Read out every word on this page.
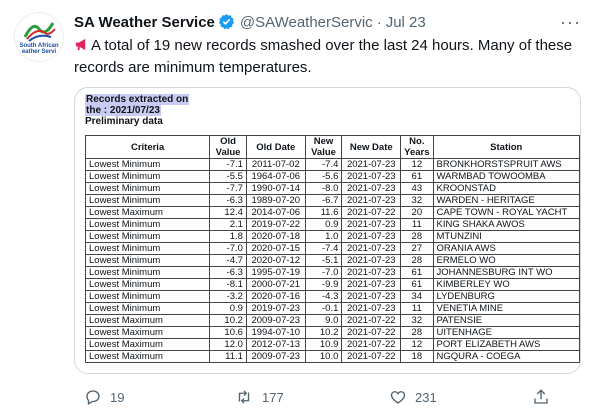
South African
eather Servi
SA Weather Service @SAWeatherServic · Jul 23	···
A total of 19 new records smashed over the last 24 hours. Many of these records are minimum temperatures.
Records extracted on
the : 2021/07/23
Preliminary data
Criteria	Old Value	Old Date	New Value	New Date	No. Years	Station
Lowest Minimum	-7.1	2011-07-02	-7.4	2021-07-23	12	BRONKHORSTSPRUIT AWS
Lowest Minimum	-5.5	1964-07-06	-5.6	2021-07-23	61	WARMBAD TOWOOMBA
Lowest Minimum	-7.7	1990-07-14	-8.0	2021-07-23	43	KROONSTAD
Lowest Minimum	-6.3	1989-07-20	-6.7	2021-07-23	32	WARDEN - HERITAGE
Lowest Maximum	12.4	2014-07-06	11.6	2021-07-22	20	CAPE TOWN - ROYAL YACHT
Lowest Minimum	2.1	2019-07-22	0.9	2021-07-23	11	KING SHAKA AWOS
Lowest Minimum	1.8	2020-07-18	1.0	2021-07-23	28	MTUNZINI
Lowest Minimum	-7.0	2020-07-15	-7.4	2021-07-23	27	ORANIA AWS
Lowest Minimum	-4.7	2020-07-12	-5.1	2021-07-23	28	ERMELO WO
Lowest Minimum	-6.3	1995-07-19	-7.0	2021-07-23	61	JOHANNESBURG INT WO
Lowest Minimum	-8.1	2000-07-21	-9.9	2021-07-23	61	KIMBERLEY WO
Lowest Minimum	-3.2	2020-07-16	-4.3	2021-07-23	34	LYDENBURG
Lowest Minimum	0.9	2019-07-23	-0.1	2021-07-23	11	VENETIA MINE
Lowest Maximum	10.2	2009-07-23	9.0	2021-07-22	32	PATENSIE
Lowest Maximum	10.6	1994-07-10	10.2	2021-07-22	28	UITENHAGE
Lowest Maximum	12.0	2012-07-13	10.9	2021-07-22	12	PORT ELIZABETH AWS
Lowest Maximum	11.1	2009-07-23	10.0	2021-07-22	18	NGQURA - COEGA
19	177	231
